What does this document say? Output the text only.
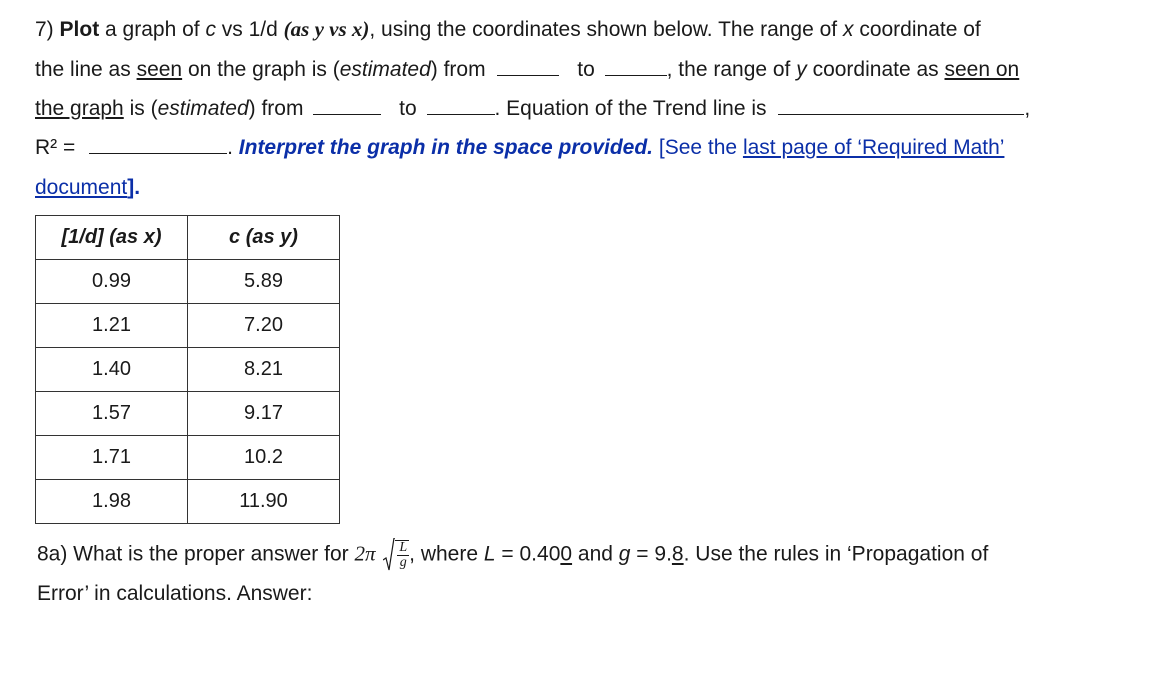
7) Plot a graph of c vs 1/d (as y vs x), using the coordinates shown below. The range of x coordinate of
the line as seen on the graph is (estimated) from	to	, the range of y coordinate as seen on
the graph is (estimated) from	to	. Equation of the Trend line is	,
R² =	. Interpret the graph in the space provided. [See the last page of ‘Required Math’
document].
[1/d] (as x)	c (as y)
0.99	5.89
1.21	7.20
1.40	8.21
1.57	9.17
1.71	10.2
1.98	11.90
8a) What is the proper answer for $2\pi \frac{L}{g}$ , where L = 0.400 and g = 9.8. Use the rules in ‘Propagation of
Error’ in calculations. Answer:
